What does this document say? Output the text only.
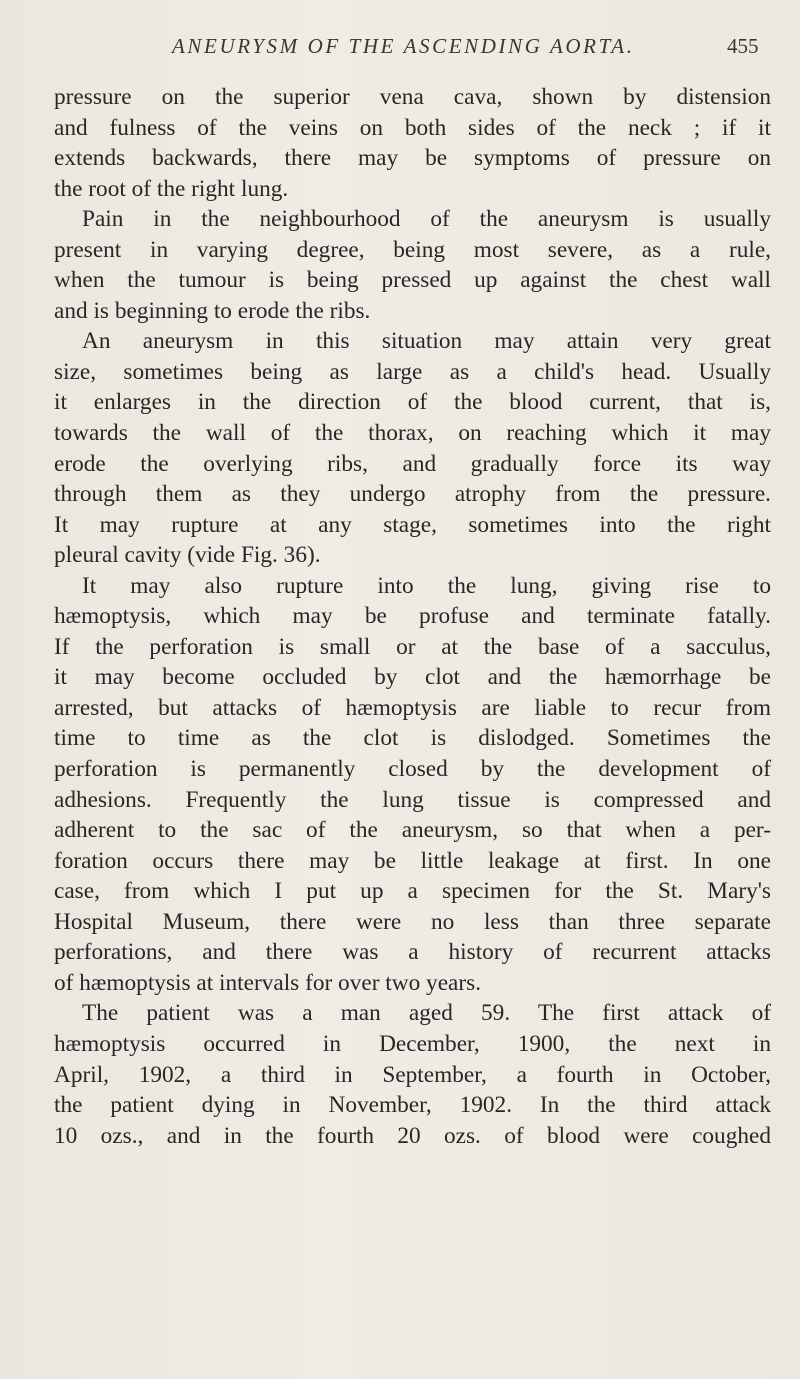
ANEURYSM OF THE ASCENDING AORTA.	455
pressure on the superior vena cava, shown by distension
and fulness of the veins on both sides of the neck ; if it
extends backwards, there may be symptoms of pressure on
the root of the right lung.
Pain in the neighbourhood of the aneurysm is usually
present in varying degree, being most severe, as a rule,
when the tumour is being pressed up against the chest wall
and is beginning to erode the ribs.
An aneurysm in this situation may attain very great
size, sometimes being as large as a child's head. Usually
it enlarges in the direction of the blood current, that is,
towards the wall of the thorax, on reaching which it may
erode the overlying ribs, and gradually force its way
through them as they undergo atrophy from the pressure.
It may rupture at any stage, sometimes into the right
pleural cavity (vide Fig. 36).
It may also rupture into the lung, giving rise to
hæmoptysis, which may be profuse and terminate fatally.
If the perforation is small or at the base of a sacculus,
it may become occluded by clot and the hæmorrhage be
arrested, but attacks of hæmoptysis are liable to recur from
time to time as the clot is dislodged. Sometimes the
perforation is permanently closed by the development of
adhesions. Frequently the lung tissue is compressed and
adherent to the sac of the aneurysm, so that when a per-
foration occurs there may be little leakage at first. In one
case, from which I put up a specimen for the St. Mary's
Hospital Museum, there were no less than three separate
perforations, and there was a history of recurrent attacks
of hæmoptysis at intervals for over two years.
The patient was a man aged 59. The first attack of
hæmoptysis occurred in December, 1900, the next in
April, 1902, a third in September, a fourth in October,
the patient dying in November, 1902. In the third attack
10 ozs., and in the fourth 20 ozs. of blood were coughed
